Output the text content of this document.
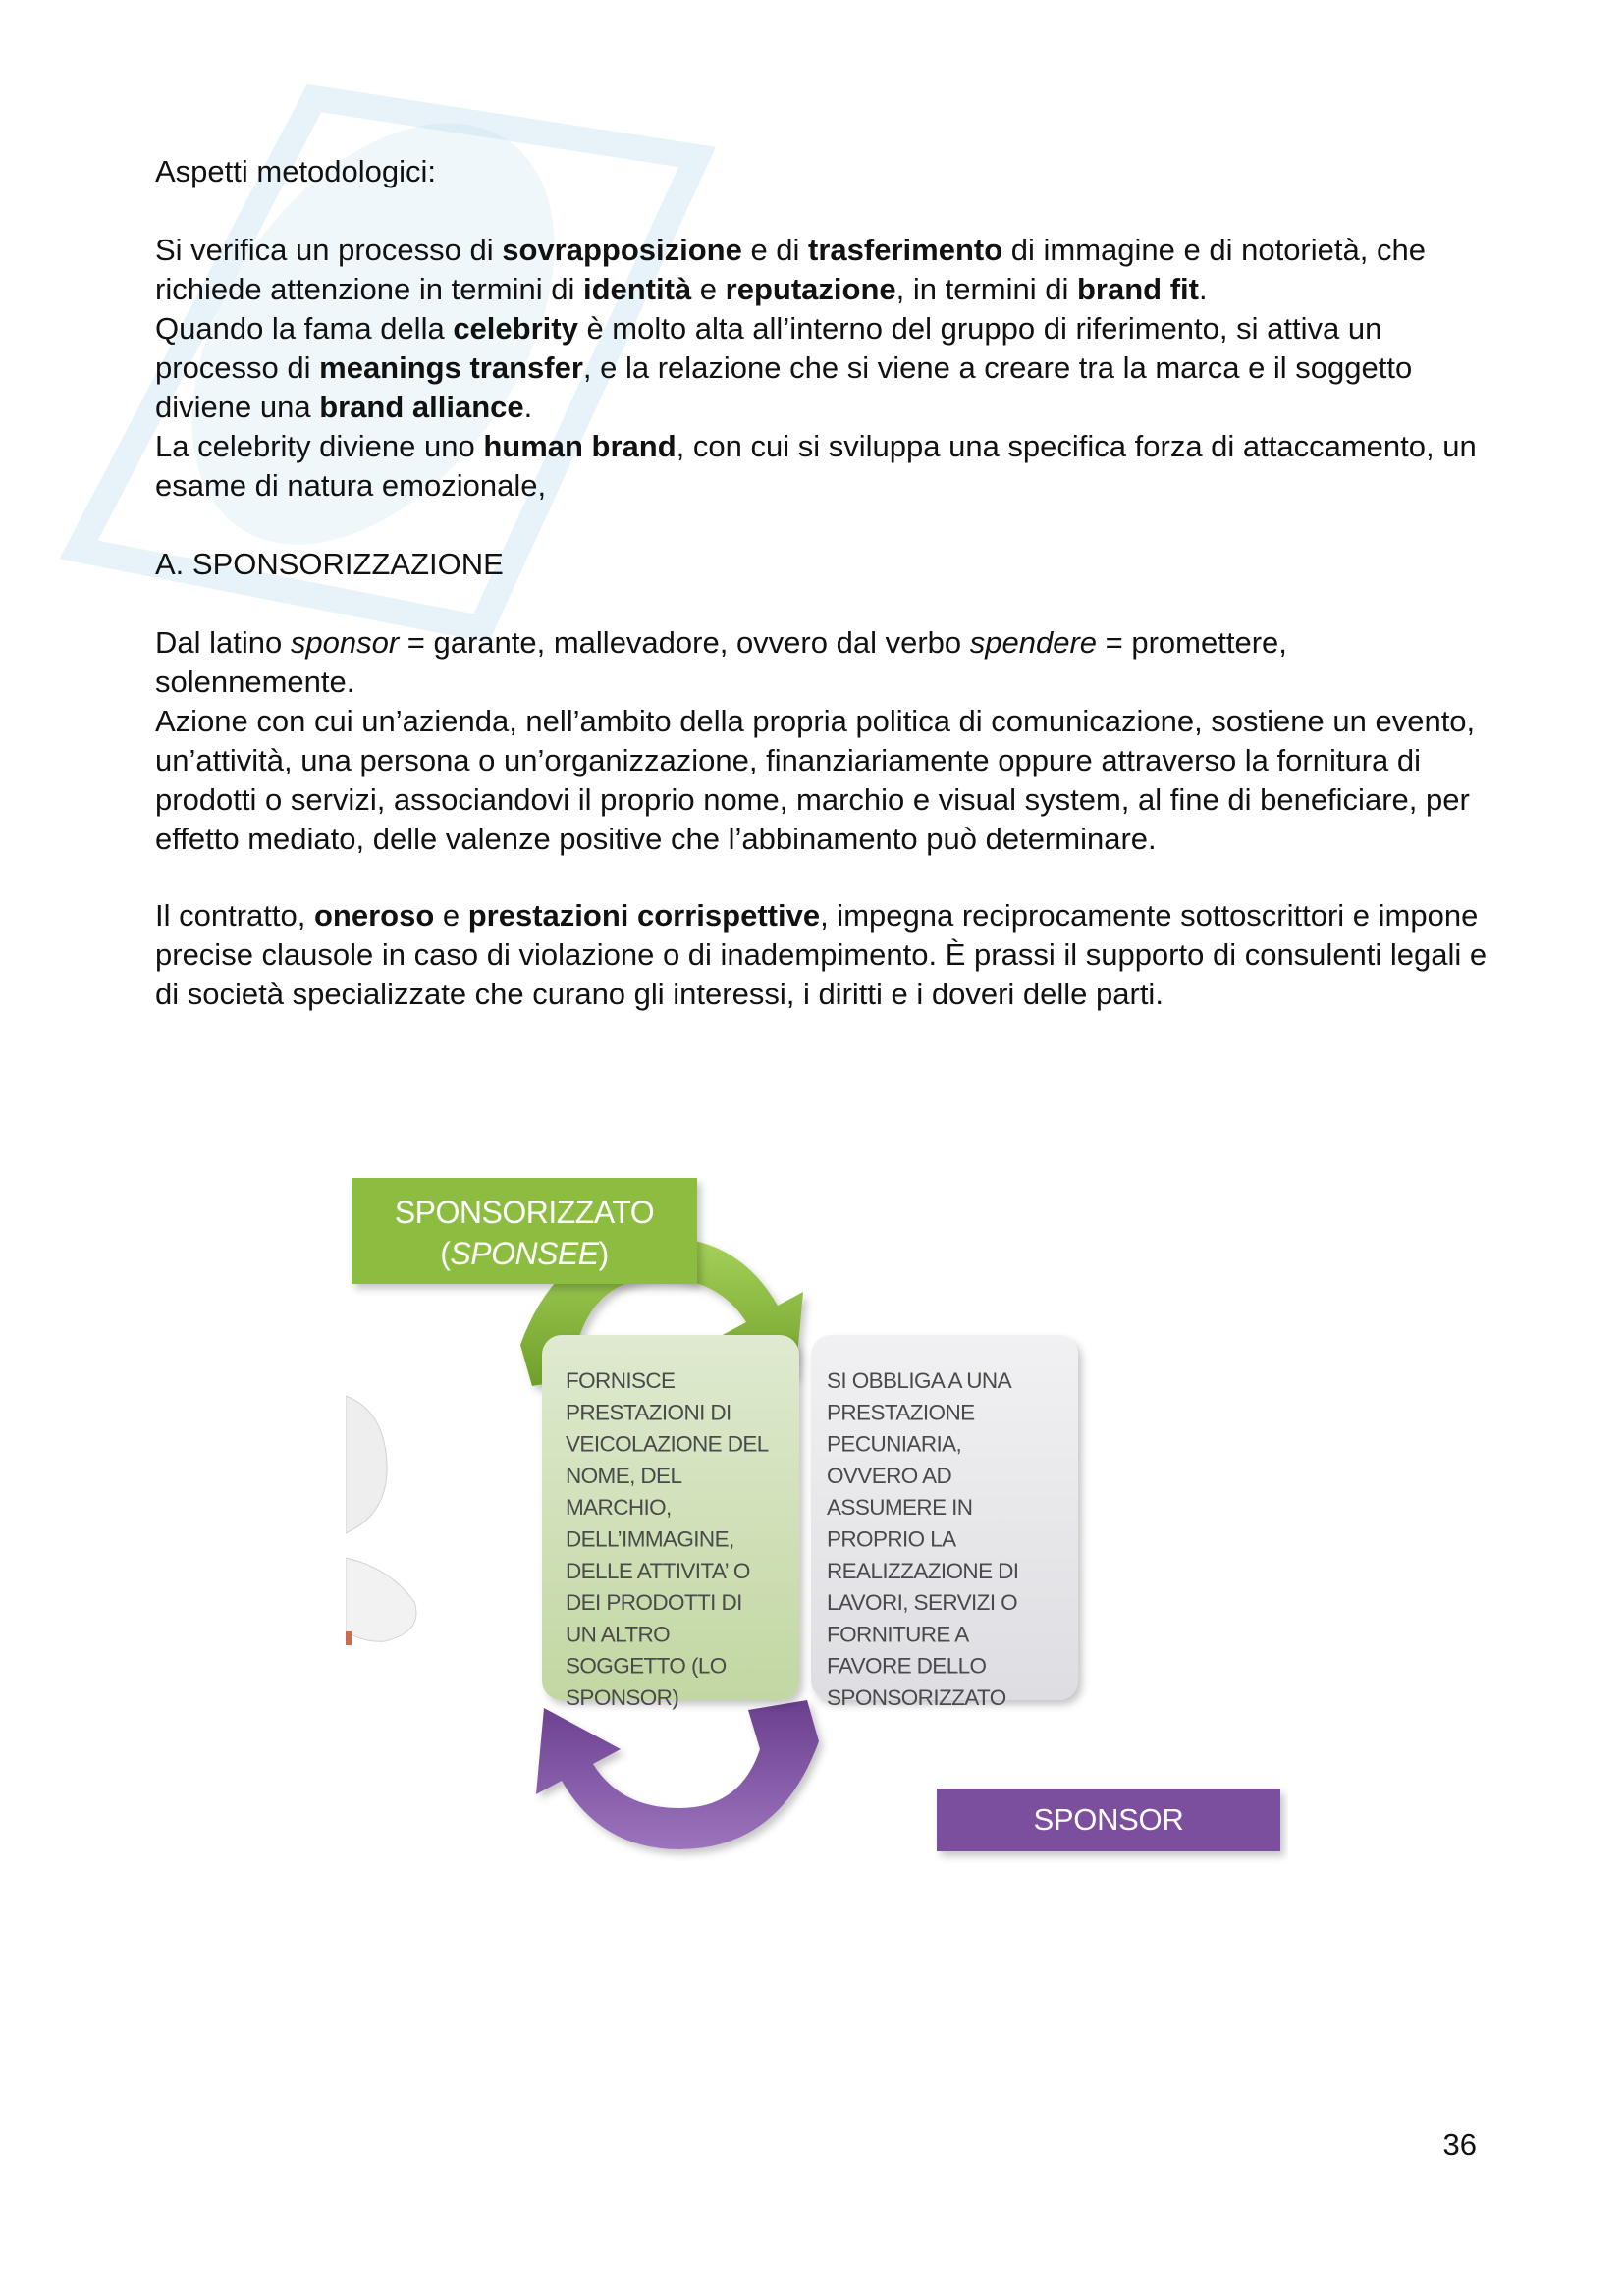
Aspetti metodologici:

Si verifica un processo di sovrapposizione e di trasferimento di immagine e di notorietà, che richiede attenzione in termini di identità e reputazione, in termini di brand fit.

Quando la fama della celebrity è molto alta all’interno del gruppo di riferimento, si attiva un processo di meanings transfer, e la relazione che si viene a creare tra la marca e il soggetto diviene una brand alliance.

La celebrity diviene uno human brand, con cui si sviluppa una specifica forza di attaccamento, un esame di natura emozionale,

A. SPONSORIZZAZIONE

Dal latino sponsor = garante, mallevadore, ovvero dal verbo spendere = promettere, solennemente.

Azione con cui un’azienda, nell’ambito della propria politica di comunicazione, sostiene un evento, un’attività, una persona o un’organizzazione, finanziariamente oppure attraverso la fornitura di prodotti o servizi, associandovi il proprio nome, marchio e visual system, al fine di beneficiare, per effetto mediato, delle valenze positive che l’abbinamento può determinare.

Il contratto, oneroso e prestazioni corrispettive, impegna reciprocamente sottoscrittori e impone precise clausole in caso di violazione o di inadempimento. È prassi il supporto di consulenti legali e di società specializzate che curano gli interessi, i diritti e i doveri delle parti.

FORNISCE
PRESTAZIONI DI
VEICOLAZIONE DEL
NOME, DEL
MARCHIO,
DELL’IMMAGINE,
DELLE ATTIVITA’ O
DEI PRODOTTI DI
UN ALTRO
SOGGETTO (LO
SPONSOR)
SI OBBLIGA A UNA
PRESTAZIONE
PECUNIARIA,
OVVERO AD
ASSUMERE IN
PROPRIO LA
REALIZZAZIONE DI
LAVORI, SERVIZI O
FORNITURE A
FAVORE DELLO
SPONSORIZZATO
SPONSORIZZATO
(SPONSEE)
SPONSOR
36
